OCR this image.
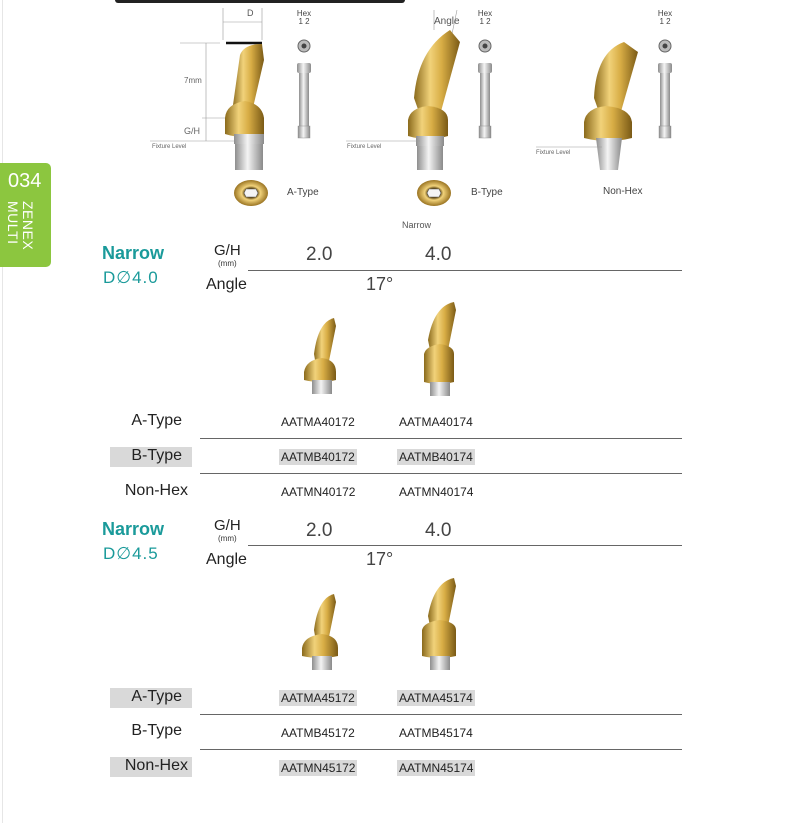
034
ZENEX
MULTI
D
7mm
G/H
Fixture Level
Hex
1 2	Angle
Fixture Level
Hex
1 2
Fixture Level
Hex
1 2
A-Type	B-Type	Non-Hex
Narrow
Narrow
D∅4.0
G/H
(mm)
Angle
2.0	4.0
17°
A-Type	AATMA40172	AATMA40174
B-Type	AATMB40172	AATMB40174
Non-Hex	AATMN40172	AATMN40174
Narrow
D∅4.5
G/H
(mm)
Angle
2.0	4.0
17°
A-Type	AATMA45172	AATMA45174
B-Type	AATMB45172	AATMB45174
Non-Hex	AATMN45172	AATMN45174
